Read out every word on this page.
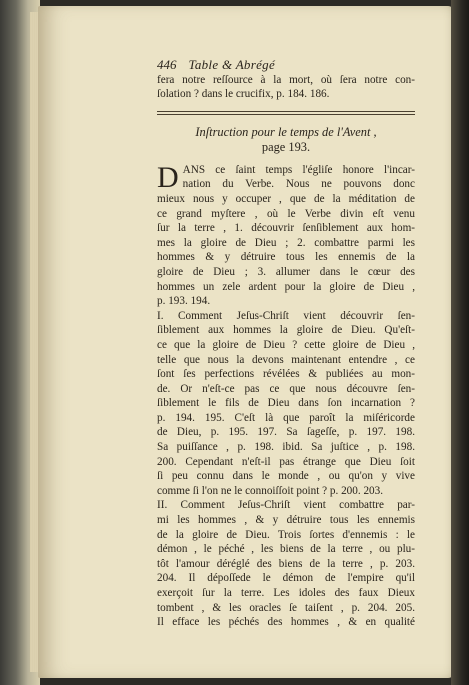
446 Table & Abrégé
fera notre reſſource à la mort, où ſera notre con-
ſolation ? dans le crucifix, p. 184. 186.
Inſtruction pour le temps de l'Avent ,
page 193.
D ANS ce ſaint temps l'égliſe honore l'incar-
nation du Verbe. Nous ne pouvons donc
mieux nous y occuper , que de la méditation de
ce grand myſtere , où le Verbe divin eſt venu
ſur la terre , 1. découvrir ſenſiblement aux hom-
mes la gloire de Dieu ; 2. combattre parmi les
hommes & y détruire tous les ennemis de la
gloire de Dieu ; 3. allumer dans le cœur des
hommes un zele ardent pour la gloire de Dieu ,
p. 193. 194.
I. Comment Jeſus-Chriſt vient découvrir ſen-
ſiblement aux hommes la gloire de Dieu. Qu'eſt-
ce que la gloire de Dieu ? cette gloire de Dieu ,
telle que nous la devons maintenant entendre , ce
ſont ſes perfections révélées & publiées au mon-
de. Or n'eſt-ce pas ce que nous découvre ſen-
ſiblement le fils de Dieu dans ſon incarnation ?
p. 194. 195. C'eſt là que paroît la miſéricorde
de Dieu, p. 195. 197. Sa ſageſſe, p. 197. 198.
Sa puiſſance , p. 198. ibid. Sa juſtice , p. 198.
200. Cependant n'eſt-il pas étrange que Dieu ſoit
ſi peu connu dans le monde , ou qu'on y vive
comme ſi l'on ne le connoiſſoit point ? p. 200. 203.
II. Comment Jeſus-Chriſt vient combattre par-
mi les hommes , & y détruire tous les ennemis
de la gloire de Dieu. Trois ſortes d'ennemis : le
démon , le péché , les biens de la terre , ou plu-
tôt l'amour déréglé des biens de la terre , p. 203.
204. Il dépoſſede le démon de l'empire qu'il
exerçoit ſur la terre. Les idoles des faux Dieux
tombent , & les oracles ſe taiſent , p. 204. 205.
Il efface les péchés des hommes , & en qualité
